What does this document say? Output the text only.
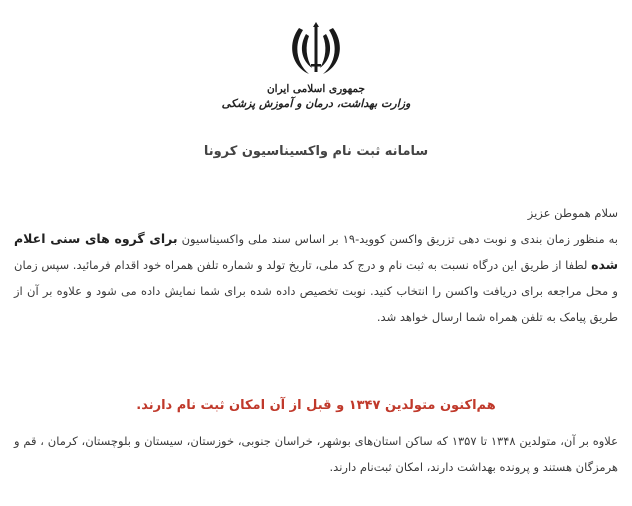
جمهوری اسلامی ایران
وزارت بهداشت، درمان و آموزش پزشکی
سامانه ثبت نام واکسیناسیون کرونا

سلام هموطن عزیز

به منظور زمان بندی و نوبت دهی تزریق واکسن کووید-۱۹ بر اساس سند ملی واکسیناسیون برای گروه های سنی اعلام شده لطفا از طریق این درگاه نسبت به ثبت نام و درج کد ملی، تاریخ تولد و شماره تلفن همراه خود اقدام فرمائید. سپس زمان و محل مراجعه برای دریافت واکسن را انتخاب کنید. نوبت تخصیص داده شده برای شما نمایش داده می شود و علاوه بر آن از طریق پیامک به تلفن همراه شما ارسال خواهد شد.

هم‌اکنون متولدین ۱۳۴۷ و قبل از آن امکان ثبت نام دارند.

علاوه بر آن، متولدین ۱۳۴۸ تا ۱۳۵۷ که ساکن استان‌های بوشهر، خراسان جنوبی، خوزستان، سیستان و بلوچستان، کرمان ، قم و هرمزگان هستند و پرونده بهداشت دارند، امکان ثبت‌نام دارند.
